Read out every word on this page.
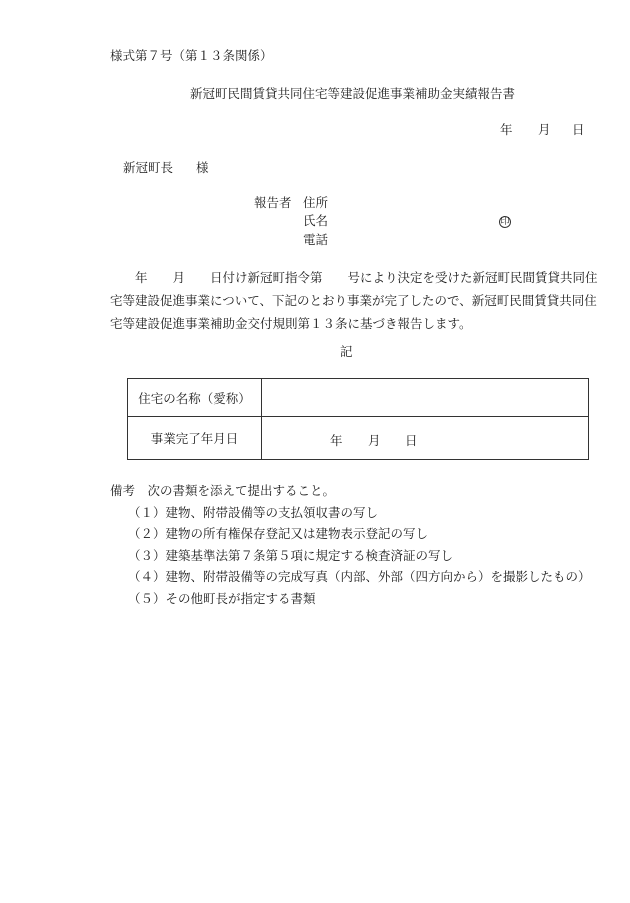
様式第７号（第１３条関係）
新冠町民間賃貸共同住宅等建設促進事業補助金実績報告書
年 月 日
新冠町長 様
報告者 住所
氏名	印
電話

　　年　　月　　日付け新冠町指令第　　号により決定を受けた新冠町民間賃貸共同住

宅等建設促進事業について、下記のとおり事業が完了したので、新冠町民間賃貸共同住

宅等建設促進事業補助金交付規則第１３条に基づき報告します。

記
住宅の名称（愛称）	
事業完了年月日	年 月 日
備考　次の書類を添えて提出すること。
（１）建物、附帯設備等の支払領収書の写し
（２）建物の所有権保存登記又は建物表示登記の写し
（３）建築基準法第７条第５項に規定する検査済証の写し
（４）建物、附帯設備等の完成写真（内部、外部（四方向から）を撮影したもの）
（５）その他町長が指定する書類
